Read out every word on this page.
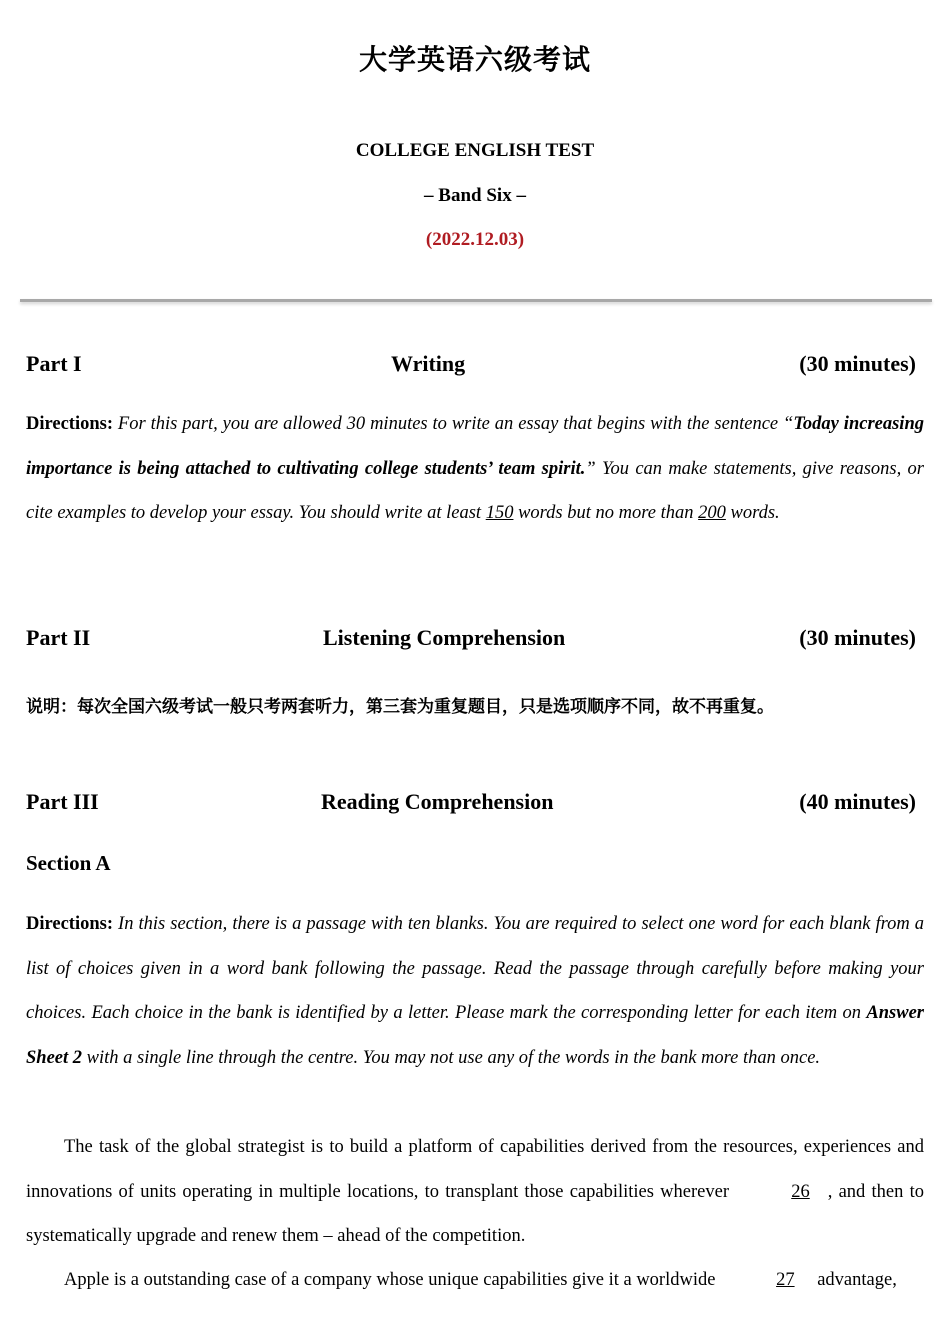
大学英语六级考试
COLLEGE ENGLISH TEST
– Band Six –
(2022.12.03)
Part I	Writing	(30 minutes)
Directions: For this part, you are allowed 30 minutes to write an essay that begins with the sentence “Today increasing importance is being attached to cultivating college students’ team spirit.” You can make statements, give reasons, or cite examples to develop your essay. You should write at least 150 words but no more than 200 words.
Part II	Listening Comprehension	(30 minutes)
说明：每次全国六级考试一般只考两套听力，第三套为重复题目，只是选项顺序不同，故不再重复。
Part III	Reading Comprehension	(40 minutes)
Section A
Directions: In this section, there is a passage with ten blanks. You are required to select one word for each blank from a list of choices given in a word bank following the passage. Read the passage through carefully before making your choices. Each choice in the bank is identified by a letter. Please mark the corresponding letter for each item on Answer Sheet 2 with a single line through the centre. You may not use any of the words in the bank more than once.
The task of the global strategist is to build a platform of capabilities derived from the resources, experiences and innovations of units operating in multiple locations, to transplant those capabilities wherever	26 , and then to systematically upgrade and renew them – ahead of the competition.
Apple is a outstanding case of a company whose unique capabilities give it a worldwide	27 advantage,
